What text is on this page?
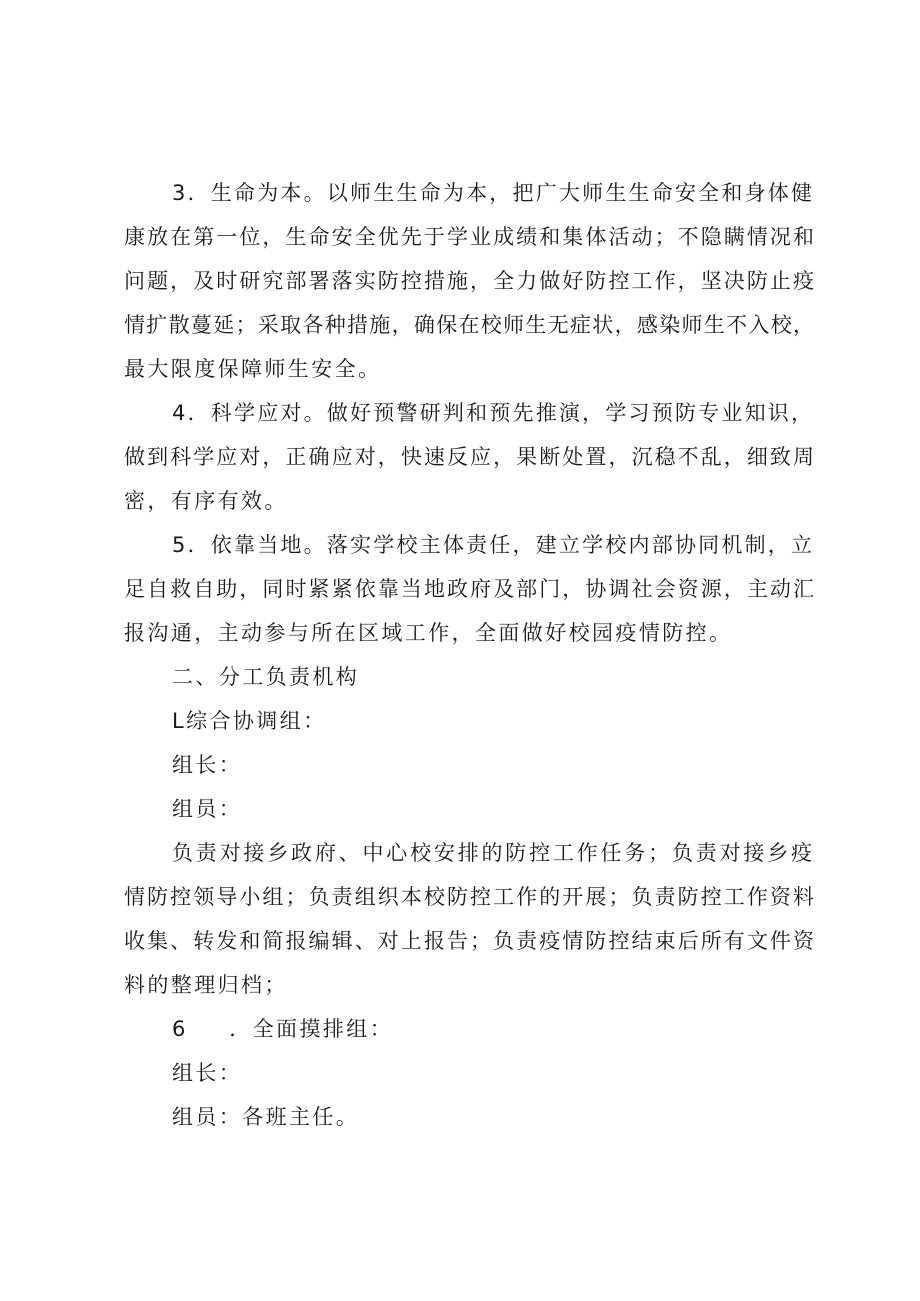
3．生命为本。以师生生命为本，把广大师生生命安全和身体健
康放在第一位，生命安全优先于学业成绩和集体活动；不隐瞒情况和
问题，及时研究部署落实防控措施，全力做好防控工作，坚决防止疫
情扩散蔓延；采取各种措施，确保在校师生无症状，感染师生不入校，
最大限度保障师生安全。
4．科学应对。做好预警研判和预先推演，学习预防专业知识，
做到科学应对，正确应对，快速反应，果断处置，沉稳不乱，细致周
密，有序有效。
5．依靠当地。落实学校主体责任，建立学校内部协同机制，立
足自救自助，同时紧紧依靠当地政府及部门，协调社会资源，主动汇
报沟通，主动参与所在区域工作，全面做好校园疫情防控。
二、分工负责机构
L综合协调组：
组长：
组员：
负责对接乡政府、中心校安排的防控工作任务；负责对接乡疫
情防控领导小组；负责组织本校防控工作的开展；负责防控工作资料
收集、转发和简报编辑、对上报告；负责疫情防控结束后所有文件资
料的整理归档；
6 　 ．全面摸排组：
组长：
组员：各班主任。
